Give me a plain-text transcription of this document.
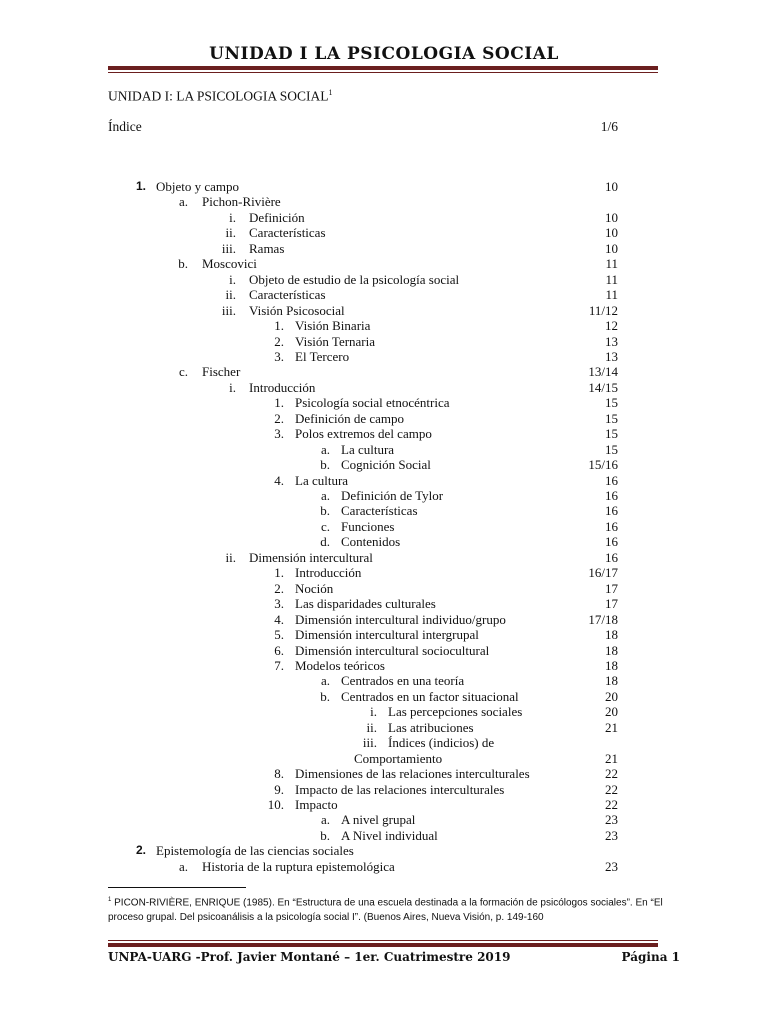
UNIDAD I LA PSICOLOGIA SOCIAL
UNIDAD I: LA PSICOLOGIA SOCIAL$^1$
Índice	1/6
1. Objeto y campo	10
a. Pichon-Rivière
i. Definición	10
ii. Características	10
iii. Ramas	10
b. Moscovici	11
i. Objeto de estudio de la psicología social	11
ii. Características	11
iii. Visión Psicosocial	11/12
1. Visión Binaria	12
2. Visión Ternaria	13
3. El Tercero	13
c. Fischer	13/14
i. Introducción	14/15
1. Psicología social etnocéntrica	15
2. Definición de campo	15
3. Polos extremos del campo	15
a. La cultura	15
b. Cognición Social	15/16
4. La cultura	16
a. Definición de Tylor	16
b. Características	16
c. Funciones	16
d. Contenidos	16
ii. Dimensión intercultural	16
1. Introducción	16/17
2. Noción	17
3. Las disparidades culturales	17
4. Dimensión intercultural individuo/grupo	17/18
5. Dimensión intercultural intergrupal	18
6. Dimensión intercultural sociocultural	18
7. Modelos teóricos	18
a. Centrados en una teoría	18
b. Centrados en un factor situacional	20
i. Las percepciones sociales	20
ii. Las atribuciones	21
iii. Índices (indicios) de
Comportamiento	21
8. Dimensiones de las relaciones interculturales	22
9. Impacto de las relaciones interculturales	22
10. Impacto	22
a. A nivel grupal	23
b. A Nivel individual	23
2. Epistemología de las ciencias sociales
a. Historia de la ruptura epistemológica	23
$^1$ PICON-RIVIÈRE, ENRIQUE (1985). En “Estructura de una escuela destinada a la formación de psicólogos sociales”. En “El proceso grupal. Del psicoanálisis a la psicología social I”. (Buenos Aires, Nueva Visión, p. 149-160
UNPA-UARG -Prof. Javier Montané – 1er. Cuatrimestre 2019	Página 1
